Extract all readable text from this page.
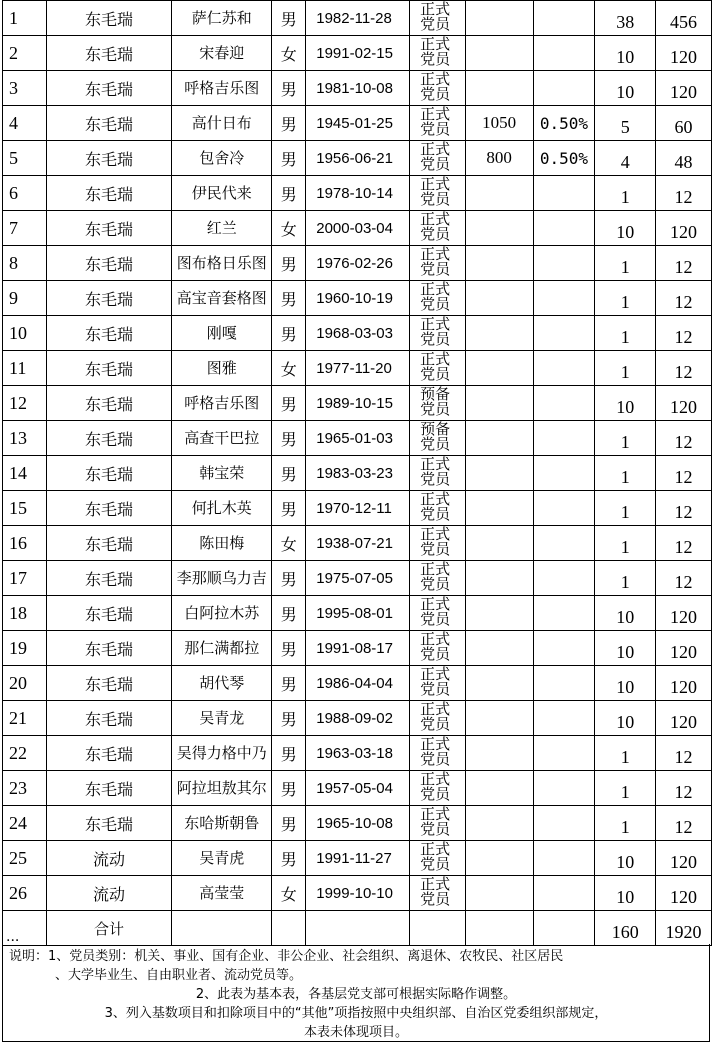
1	东毛瑞	萨仁苏和	男	1982-11-28	正式党员			38	456
2	东毛瑞	宋春迎	女	1991-02-15	正式党员			10	120
3	东毛瑞	呼格吉乐图	男	1981-10-08	正式党员			10	120
4	东毛瑞	高什日布	男	1945-01-25	正式党员	1050	0.50%	5	60
5	东毛瑞	包舍冷	男	1956-06-21	正式党员	800	0.50%	4	48
6	东毛瑞	伊民代来	男	1978-10-14	正式党员			1	12
7	东毛瑞	红兰	女	2000-03-04	正式党员			10	120
8	东毛瑞	图布格日乐图	男	1976-02-26	正式党员			1	12
9	东毛瑞	高宝音套格图	男	1960-10-19	正式党员			1	12
10	东毛瑞	刚嘎	男	1968-03-03	正式党员			1	12
11	东毛瑞	图雅	女	1977-11-20	正式党员			1	12
12	东毛瑞	呼格吉乐图	男	1989-10-15	预备党员			10	120
13	东毛瑞	高查干巴拉	男	1965-01-03	预备党员			1	12
14	东毛瑞	韩宝荣	男	1983-03-23	正式党员			1	12
15	东毛瑞	何扎木英	男	1970-12-11	正式党员			1	12
16	东毛瑞	陈田梅	女	1938-07-21	正式党员			1	12
17	东毛瑞	李那顺乌力吉	男	1975-07-05	正式党员			1	12
18	东毛瑞	白阿拉木苏	男	1995-08-01	正式党员			10	120
19	东毛瑞	那仁满都拉	男	1991-08-17	正式党员			10	120
20	东毛瑞	胡代琴	男	1986-04-04	正式党员			10	120
21	东毛瑞	吴青龙	男	1988-09-02	正式党员			10	120
22	东毛瑞	吴得力格中乃	男	1963-03-18	正式党员			1	12
23	东毛瑞	阿拉坦敖其尔	男	1957-05-04	正式党员			1	12
24	东毛瑞	东哈斯朝鲁	男	1965-10-08	正式党员			1	12
25	流动	吴青虎	男	1991-11-27	正式党员			10	120
26	流动	高莹莹	女	1999-10-10	正式党员			10	120
...	合计							160	1920

说明：1、党员类别：机关、事业、国有企业、非公企业、社会组织、离退休、农牧民、社区居民

、大学毕业生、自由职业者、流动党员等。

2、此表为基本表，各基层党支部可根据实际略作调整。

3、列入基数项目和扣除项目中的“其他”项指按照中央组织部、自治区党委组织部规定，

本表未体现项目。
